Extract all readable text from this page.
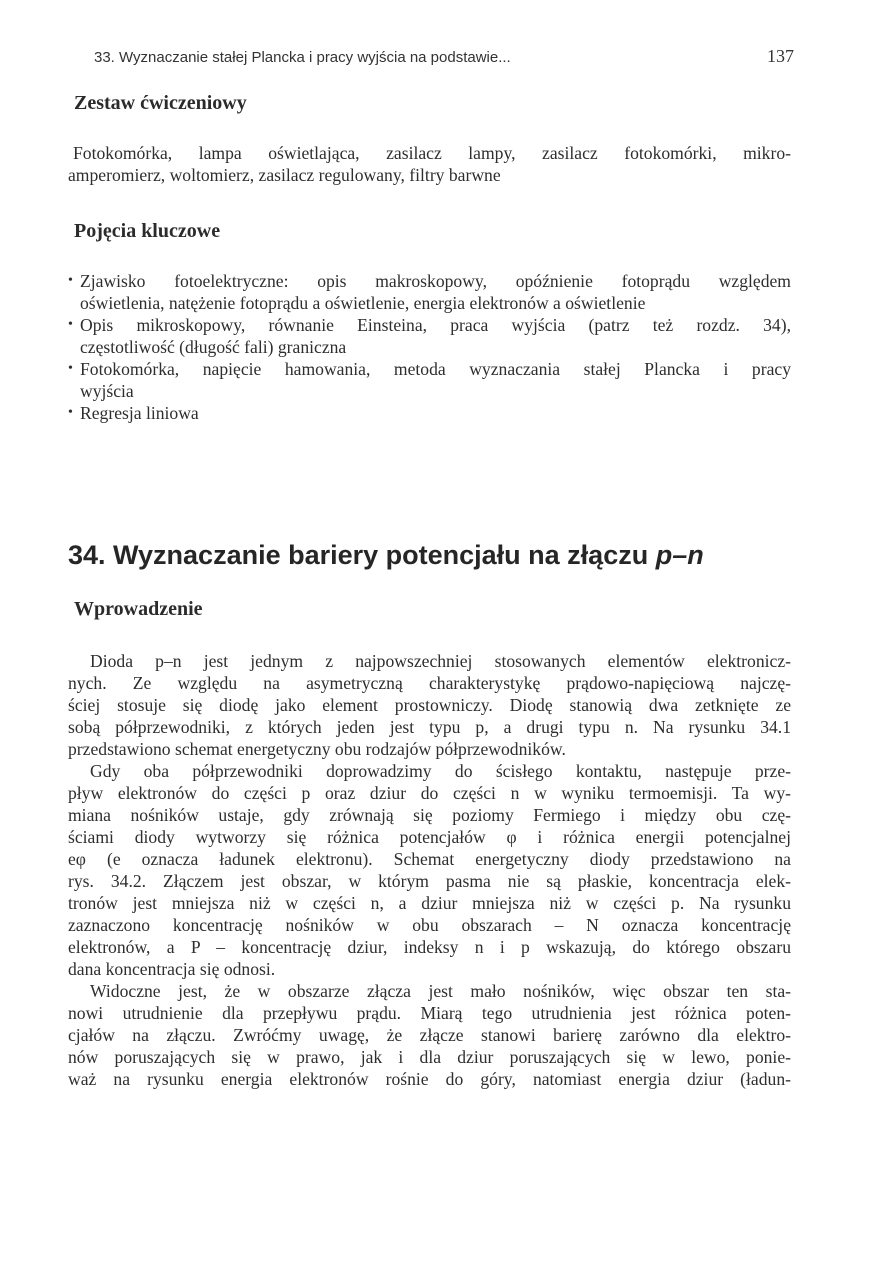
33. Wyznaczanie stałej Plancka i pracy wyjścia na podstawie...	137
Zestaw ćwiczeniowy
Fotokomórka, lampa oświetlająca, zasilacz lampy, zasilacz fotokomórki, mikro-
amperomierz, woltomierz, zasilacz regulowany, filtry barwne
Pojęcia kluczowe
• Zjawisko fotoelektryczne: opis makroskopowy, opóźnienie fotoprądu względem
oświetlenia, natężenie fotoprądu a oświetlenie, energia elektronów a oświetlenie
• Opis mikroskopowy, równanie Einsteina, praca wyjścia (patrz też rozdz. 34),
częstotliwość (długość fali) graniczna
• Fotokomórka, napięcie hamowania, metoda wyznaczania stałej Plancka i pracy
wyjścia
• Regresja liniowa
34. Wyznaczanie bariery potencjału na złączu p–n
Wprowadzenie
Dioda p–n jest jednym z najpowszechniej stosowanych elementów elektronicz-
nych. Ze względu na asymetryczną charakterystykę prądowo-napięciową najczę-
ściej stosuje się diodę jako element prostowniczy. Diodę stanowią dwa zetknięte ze
sobą półprzewodniki, z których jeden jest typu p, a drugi typu n. Na rysunku 34.1
przedstawiono schemat energetyczny obu rodzajów półprzewodników.
Gdy oba półprzewodniki doprowadzimy do ścisłego kontaktu, następuje prze-
pływ elektronów do części p oraz dziur do części n w wyniku termoemisji. Ta wy-
miana nośników ustaje, gdy zrównają się poziomy Fermiego i między obu czę-
ściami diody wytworzy się różnica potencjałów φ i różnica energii potencjalnej
eφ (e oznacza ładunek elektronu). Schemat energetyczny diody przedstawiono na
rys. 34.2. Złączem jest obszar, w którym pasma nie są płaskie, koncentracja elek-
tronów jest mniejsza niż w części n, a dziur mniejsza niż w części p. Na rysunku
zaznaczono koncentrację nośników w obu obszarach – N oznacza koncentrację
elektronów, a P – koncentrację dziur, indeksy n i p wskazują, do którego obszaru
dana koncentracja się odnosi.
Widoczne jest, że w obszarze złącza jest mało nośników, więc obszar ten sta-
nowi utrudnienie dla przepływu prądu. Miarą tego utrudnienia jest różnica poten-
cjałów na złączu. Zwróćmy uwagę, że złącze stanowi barierę zarówno dla elektro-
nów poruszających się w prawo, jak i dla dziur poruszających się w lewo, ponie-
waż na rysunku energia elektronów rośnie do góry, natomiast energia dziur (ładun-
